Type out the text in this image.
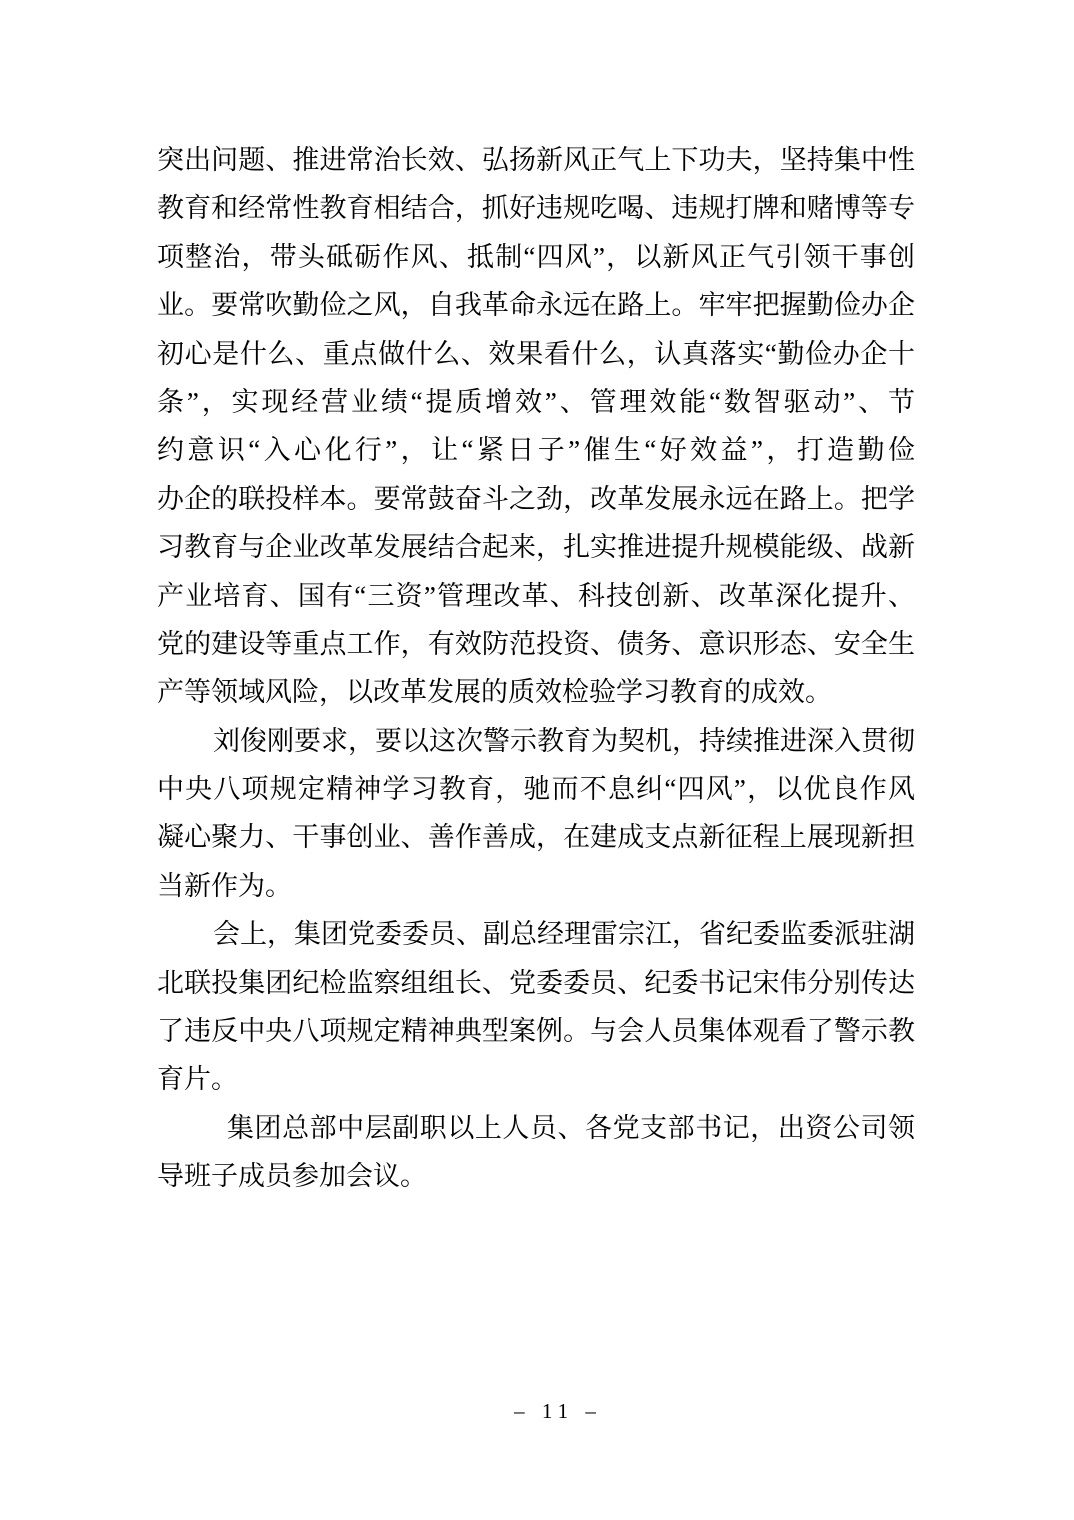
突出问题、推进常治长效、弘扬新风正气上下功夫，坚持集中性
教育和经常性教育相结合，抓好违规吃喝、违规打牌和赌博等专
项整治，带头砥砺作风、抵制“四风”，以新风正气引领干事创
业。要常吹勤俭之风，自我革命永远在路上。牢牢把握勤俭办企
初心是什么、重点做什么、效果看什么，认真落实“勤俭办企十
条”，实现经营业绩“提质增效”、管理效能“数智驱动”、节
约意识“入心化行”，让“紧日子”催生“好效益”，打造勤俭
办企的联投样本。要常鼓奋斗之劲，改革发展永远在路上。把学
习教育与企业改革发展结合起来，扎实推进提升规模能级、战新
产业培育、国有“三资”管理改革、科技创新、改革深化提升、
党的建设等重点工作，有效防范投资、债务、意识形态、安全生
产等领域风险，以改革发展的质效检验学习教育的成效。
刘俊刚要求，要以这次警示教育为契机，持续推进深入贯彻
中央八项规定精神学习教育，驰而不息纠“四风”，以优良作风
凝心聚力、干事创业、善作善成，在建成支点新征程上展现新担
当新作为。
会上，集团党委委员、副总经理雷宗江，省纪委监委派驻湖
北联投集团纪检监察组组长、党委委员、纪委书记宋伟分别传达
了违反中央八项规定精神典型案例。与会人员集体观看了警示教
育片。
集团总部中层副职以上人员、各党支部书记，出资公司领
导班子成员参加会议。
– 11 –
